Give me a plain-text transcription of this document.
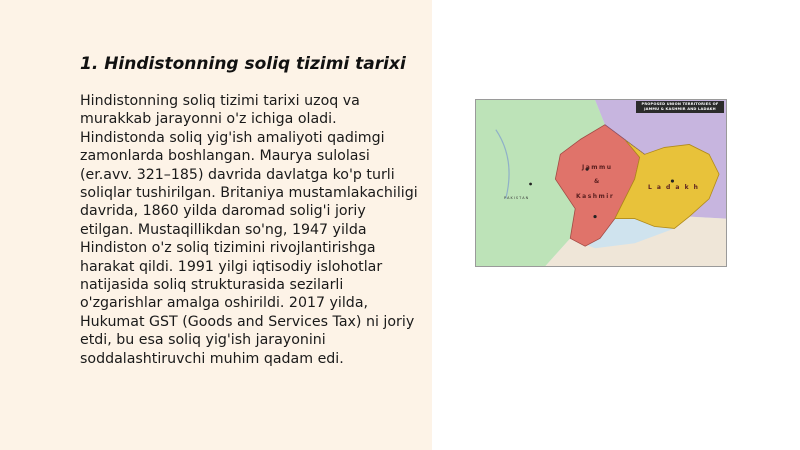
1. Hindistonning soliq tizimi tarixi

Hindistonning soliq tizimi tarixi uzoq va murakkab jarayonni o'z ichiga oladi. Hindistonda soliq yig'ish amaliyoti qadimgi zamonlarda boshlangan. Maurya sulolasi (er.avv. 321–185) davrida davlatga ko'p turli soliqlar tushirilgan. Britaniya mustamlakachiligi davrida, 1860 yilda daromad solig'i joriy etilgan. Mustaqillikdan so'ng, 1947 yilda Hindiston o'z soliq tizimini rivojlantirishga harakat qildi. 1991 yilgi iqtisodiy islohotlar natijasida soliq strukturasida sezilarli o'zgarishlar amalga oshirildi. 2017 yilda, Hukumat GST (Goods and Services Tax) ni joriy etdi, bu esa soliq yig'ish jarayonini soddalashtiruvchi muhim qadam edi.

PROPOSED UNION TERRITORIES OF
JAMMU & KASHMIR AND LADAKH
Jammu
&
Kashmir
L a d a k h
P A K I S T A N
